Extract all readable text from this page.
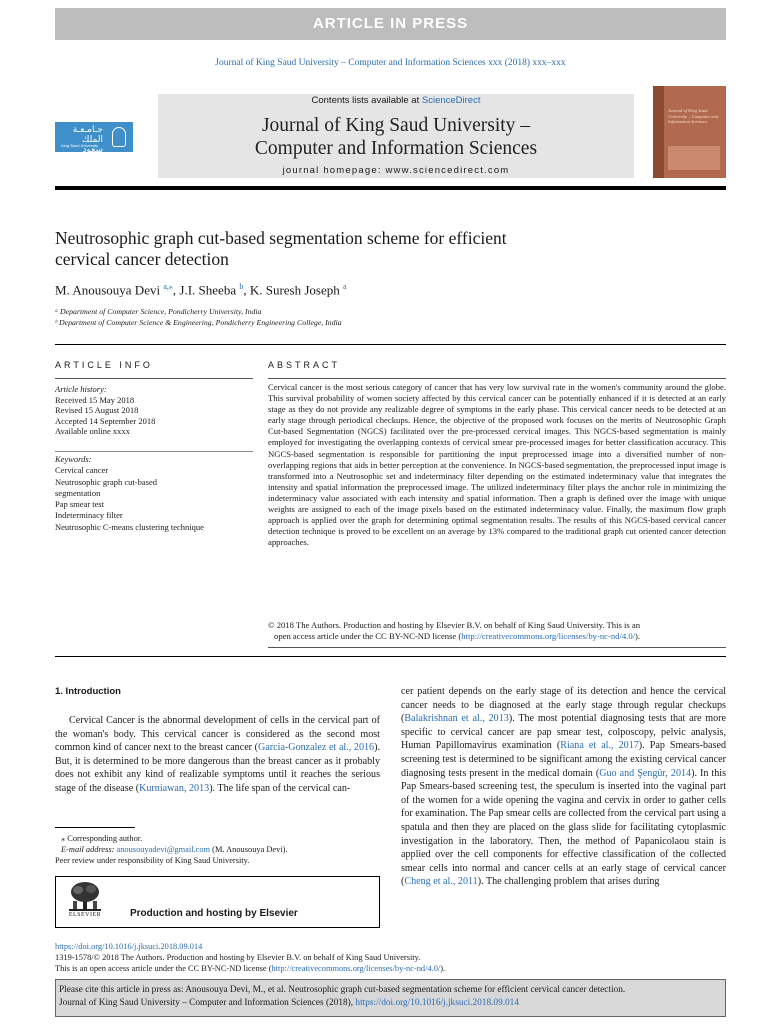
ARTICLE IN PRESS
Journal of King Saud University – Computer and Information Sciences xxx (2018) xxx–xxx
Contents lists available at ScienceDirect
Journal of King Saud University –
Computer and Information Sciences
journal homepage: www.sciencedirect.com
جـامـعـة الملك سعود
King Saud University
Journal of King Saud University – Computer and Information Sciences
Neutrosophic graph cut-based segmentation scheme for efficient
cervical cancer detection
M. Anousouya Devi $^{a,⁎}$, J.I. Sheeba $^b$, K. Suresh Joseph $^a$
ᵃ Department of Computer Science, Pondicherry University, India
ᵇ Department of Computer Science & Engineering, Pondicherry Engineering College, India
ARTICLE INFO	ABSTRACT
Article history:
Received 15 May 2018
Revised 15 August 2018
Accepted 14 September 2018
Available online xxxx
Keywords:
Cervical cancer
Neutrosophic graph cut-based
segmentation
Pap smear test
Indeterminacy filter
Neutrosophic C-means clustering technique
Cervical cancer is the most serious category of cancer that has very low survival rate in the women's community around the globe. This survival probability of women society affected by this cervical cancer can be potentially enhanced if it is detected at an early stage as they do not provide any realizable degree of symptoms in the early phase. This cervical cancer needs to be detected at an early stage through periodical checkups. Hence, the objective of the proposed work focuses on the merits of Neutrosophic Graph Cut-based Segmentation (NGCS) facilitated over the pre-processed cervical images. This NGCS-based segmentation is mainly employed for investigating the overlapping contexts of cervical smear pre-processed images for better classification accuracy. This NGCS-based segmentation is responsible for partitioning the input preprocessed image into a diversified number of non-overlapping regions that aids in better perception at the convenience. In NGCS-based segmentation, the preprocessed input image is transformed into a Neutrosophic set and indeterminacy filter depending on the estimated indeterminacy value that integrates the intensity and spatial information the preprocessed image. The utilized indeterminacy filter plays the anchor role in minimizing the indeterminacy value associated with each intensity and spatial information. Then a graph is defined over the image with unique weights are assigned to each of the image pixels based on the estimated indeterminacy value. Finally, the maximum flow graph approach is applied over the graph for determining optimal segmentation results. The results of this NGCS-based cervical cancer detection technique is proved to be excellent on an average by 13% compared to the traditional graph cut oriented cancer detection approaches.
© 2018 The Authors. Production and hosting by Elsevier B.V. on behalf of King Saud University. This is an
open access article under the CC BY-NC-ND license (http://creativecommons.org/licenses/by-nc-nd/4.0/).
1. Introduction
Cervical Cancer is the abnormal development of cells in the cervical part of the woman's body. This cervical cancer is considered as the second most common kind of cancer next to the breast cancer (Garcia-Gonzalez et al., 2016). But, it is determined to be more dangerous than the breast cancer as it probably does not exhibit any kind of realizable symptoms until it reaches the serious stage of the disease (Kurniawan, 2013). The life span of the cervical can-
cer patient depends on the early stage of its detection and hence the cervical cancer needs to be diagnosed at the early stage through regular checkups (Balakrishnan et al., 2013). The most potential diagnosing tests that are more specific to cervical cancer are pap smear test, colposcopy, pelvic analysis, Human Papillomavirus examination (Riana et al., 2017). Pap Smears-based screening test is determined to be significant among the existing cervical cancer diagnosing tests present in the medical domain (Guo and Şengür, 2014). In this Pap Smears-based screening test, the speculum is inserted into the vaginal part of the women for a wide opening the vagina and cervix in order to gather cells for examination. The Pap smear cells are collected from the cervical part using a spatula and then they are placed on the glass slide for facilitating cytoplasmic investigation in the laboratory. Then, the method of Papanicolaou stain is applied over the cell components for effective classification of the collected smear cells into normal and cancer cells at an early stage of cervical cancer (Cheng et al., 2011). The challenging problem that arises during
⁎ Corresponding author.
E-mail address: anousouyadevi@gmail.com (M. Anousouya Devi).
Peer review under responsibility of King Saud University.
ELSEVIER	Production and hosting by Elsevier
https://doi.org/10.1016/j.jksuci.2018.09.014
1319-1578/© 2018 The Authors. Production and hosting by Elsevier B.V. on behalf of King Saud University.
This is an open access article under the CC BY-NC-ND license (http://creativecommons.org/licenses/by-nc-nd/4.0/).
Please cite this article in press as: Anousouya Devi, M., et al. Neutrosophic graph cut-based segmentation scheme for efficient cervical cancer detection.
Journal of King Saud University – Computer and Information Sciences (2018), https://doi.org/10.1016/j.jksuci.2018.09.014
